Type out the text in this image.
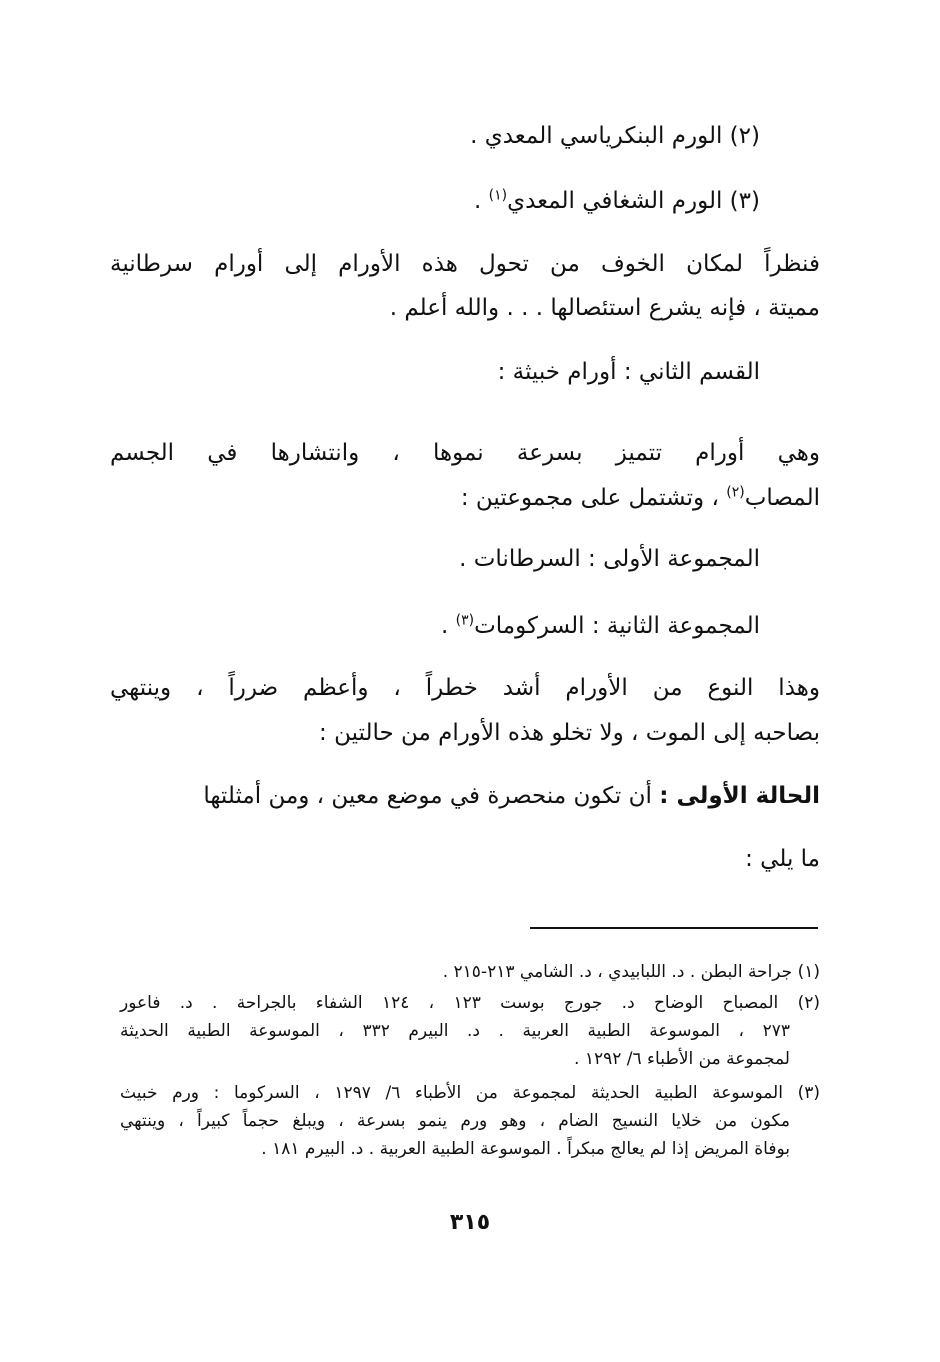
(٢) الورم البنكرياسي المعدي .
(٣) الورم الشغافي المعدي$^{(١)}$ .
فنظراً لمكان الخوف من تحول هذه الأورام إلى أورام سرطانية
مميتة ، فإنه يشرع استئصالها . . . والله أعلم .
القسم الثاني : أورام خبيثة :
وهي أورام تتميز بسرعة نموها ، وانتشارها في الجسم
المصاب$^{(٢)}$ ، وتشتمل على مجموعتين :
المجموعة الأولى : السرطانات .
المجموعة الثانية : السركومات$^{(٣)}$ .
وهذا النوع من الأورام أشد خطراً ، وأعظم ضرراً ، وينتهي
بصاحبه إلى الموت ، ولا تخلو هذه الأورام من حالتين :
الحالة الأولى : أن تكون منحصرة في موضع معين ، ومن أمثلتها
ما يلي :
(١) جراحة البطن . د. اللبابيدي ، د. الشامي ٢١٣-٢١٥ .
(٢) المصباح الوضاح د. جورج بوست ١٢٣ ، ١٢٤ الشفاء بالجراحة . د. فاعور
٢٧٣ ، الموسوعة الطبية العربية . د. البيرم ٣٣٢ ، الموسوعة الطبية الحديثة
لمجموعة من الأطباء ٦/ ١٢٩٢ .
(٣) الموسوعة الطبية الحديثة لمجموعة من الأطباء ٦/ ١٢٩٧ ، السركوما : ورم خبيث
مكون من خلايا النسيج الضام ، وهو ورم ينمو بسرعة ، ويبلغ حجماً كبيراً ، وينتهي
بوفاة المريض إذا لم يعالج مبكراً . الموسوعة الطبية العربية . د. البيرم ١٨١ .
٣١٥
